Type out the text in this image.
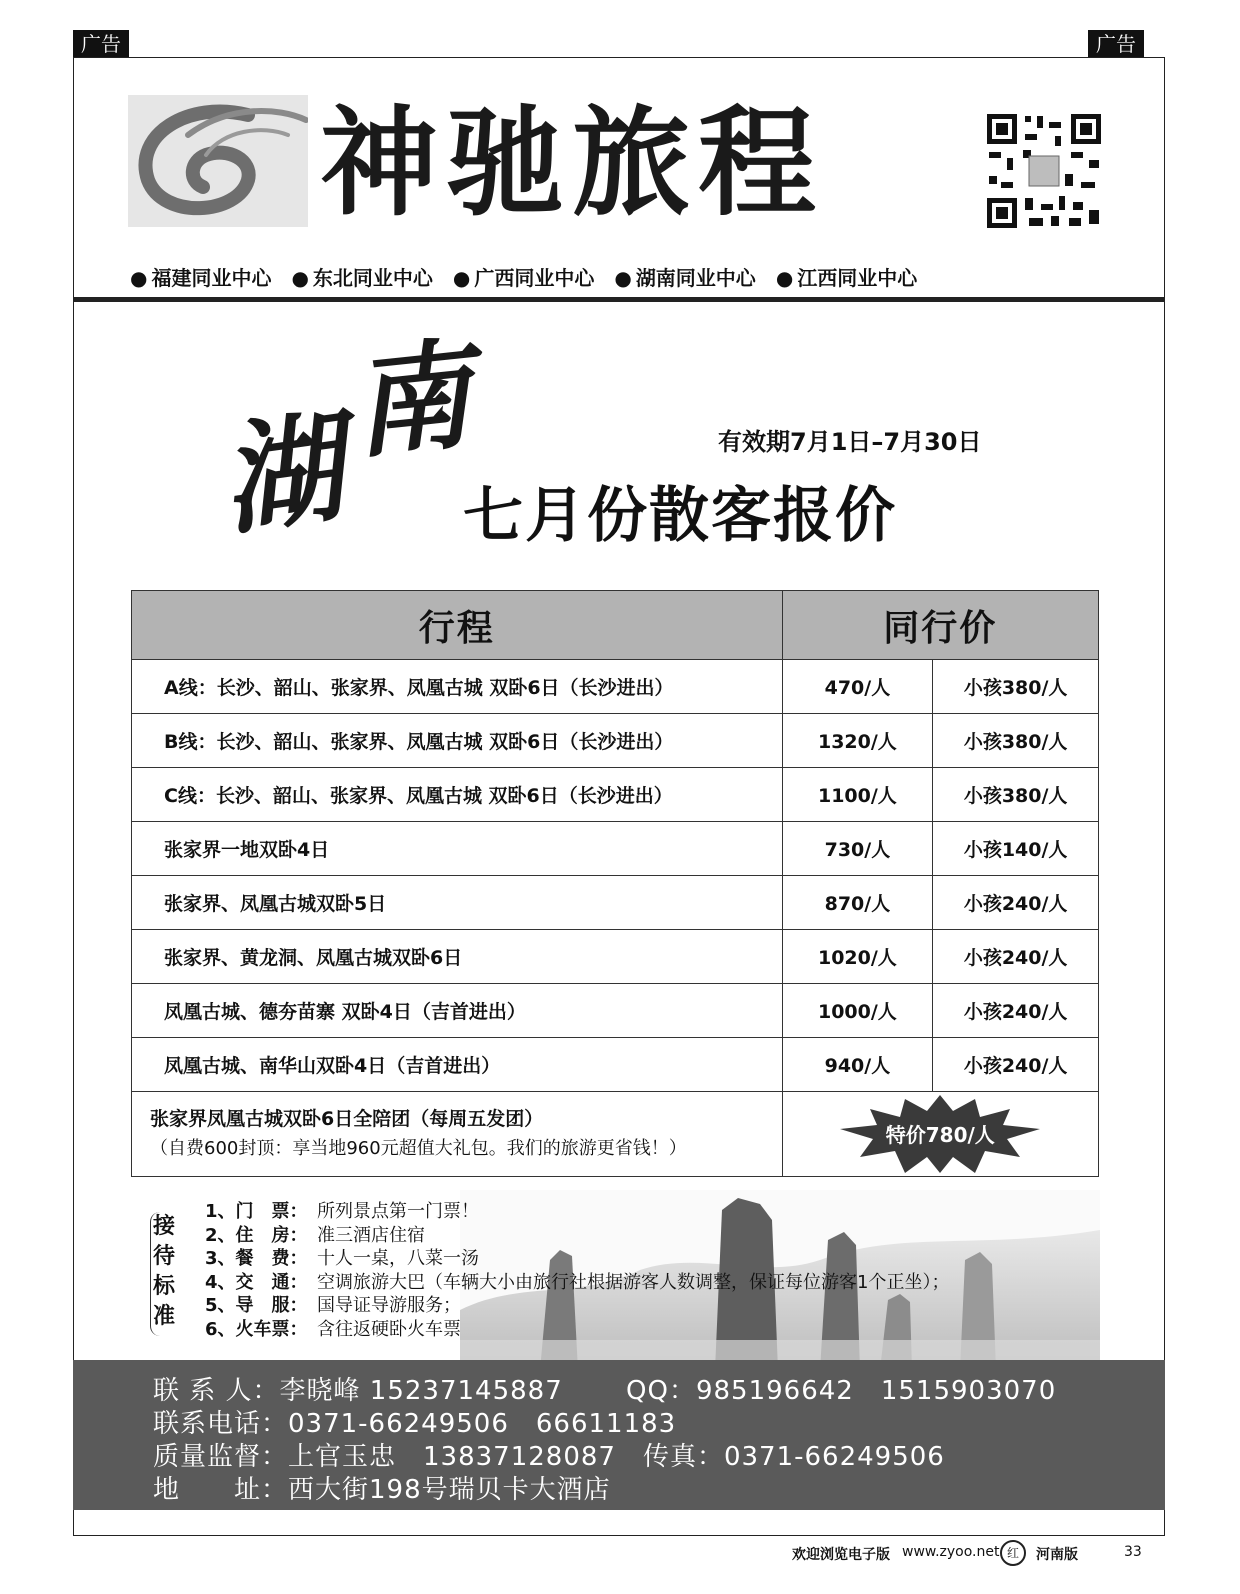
广告	广告
神驰旅程
● 福建同业中心	● 东北同业中心	● 广西同业中心	● 湖南同业中心	● 江西同业中心
湖
南	有效期7月1日–7月30日
七月份散客报价
行程	同行价	
A线：长沙、韶山、张家界、凤凰古城 双卧6日（长沙进出）	470/人	小孩380/人
B线：长沙、韶山、张家界、凤凰古城 双卧6日（长沙进出）	1320/人	小孩380/人
C线：长沙、韶山、张家界、凤凰古城 双卧6日（长沙进出）	1100/人	小孩380/人
张家界一地双卧4日	730/人	小孩140/人
张家界、凤凰古城双卧5日	870/人	小孩240/人
张家界、黄龙洞、凤凰古城双卧6日	1020/人	小孩240/人
凤凰古城、德夯苗寨 双卧4日（吉首进出）	1000/人	小孩240/人
凤凰古城、南华山双卧4日（吉首进出）	940/人	小孩240/人

张家界凤凰古城双卧6日全陪团（每周五发团）
（自费600封顶：享当地960元超值大礼包。我们的旅游更省钱！）	特价780/人	
接
待
标
准
1、门　票： 所列景点第一门票！
2、住　房： 准三酒店住宿
3、餐　费： 十人一桌，八菜一汤
4、交　通： 空调旅游大巴（车辆大小由旅行社根据游客人数调整，保证每位游客1个正坐）；
5、导　服： 国导证导游服务；
6、火车票： 含往返硬卧火车票
联 系 人：李晓峰 15237145887　　 QQ：985196642　1515903070
联系电话：0371-66249506　66611183
质量监督：上官玉忠　13837128087　传真：0371-66249506
地　　址：西大街198号瑞贝卡大酒店
欢迎浏览电子版 www.zyoo.net 红	河南版	33
